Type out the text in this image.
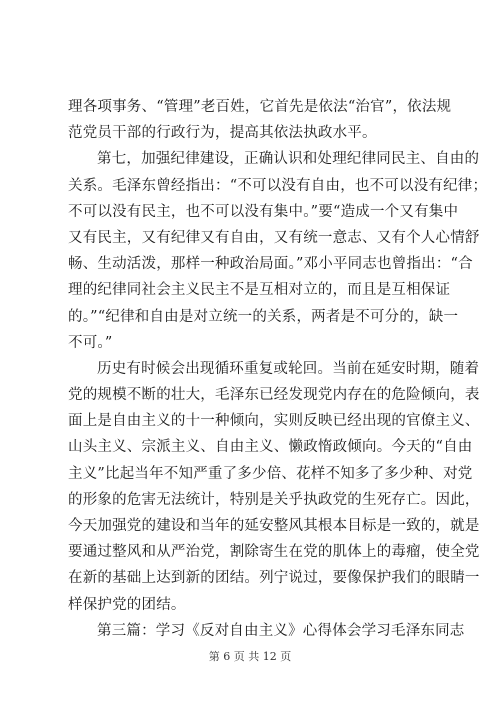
理各项事务、“管理”老百姓，它首先是依法“治官”，依法规
范党员干部的行政行为，提高其依法执政水平。
第七，加强纪律建设，正确认识和处理纪律同民主、自由的
关系。毛泽东曾经指出：“不可以没有自由，也不可以没有纪律；
不可以没有民主，也不可以没有集中。”要“造成一个又有集中
又有民主，又有纪律又有自由，又有统一意志、又有个人心情舒
畅、生动活泼，那样一种政治局面。”邓小平同志也曾指出：“合
理的纪律同社会主义民主不是互相对立的，而且是互相保证
的。”“纪律和自由是对立统一的关系，两者是不可分的，缺一
不可。”
历史有时候会出现循环重复或轮回。当前在延安时期，随着
党的规模不断的壮大，毛泽东已经发现党内存在的危险倾向，表
面上是自由主义的十一种倾向，实则反映已经出现的官僚主义、
山头主义、宗派主义、自由主义、懒政惰政倾向。今天的“自由
主义”比起当年不知严重了多少倍、花样不知多了多少种、对党
的形象的危害无法统计，特别是关乎执政党的生死存亡。因此，
今天加强党的建设和当年的延安整风其根本目标是一致的，就是
要通过整风和从严治党，割除寄生在党的肌体上的毒瘤，使全党
在新的基础上达到新的团结。列宁说过，要像保护我们的眼睛一
样保护党的团结。
第三篇：学习《反对自由主义》心得体会学习毛泽东同志
第 6 页 共 12 页
